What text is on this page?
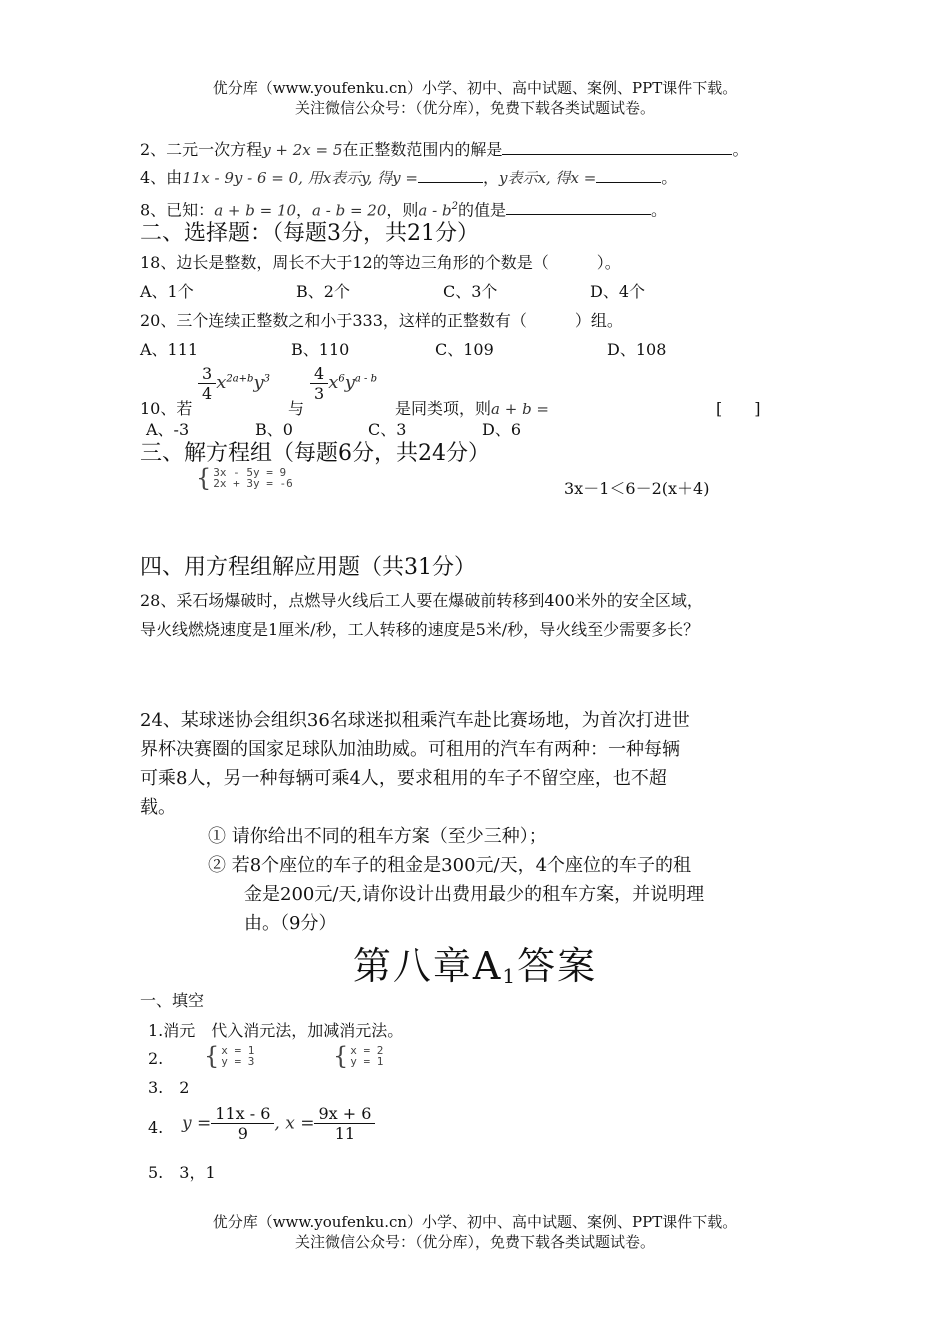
优分库（www.youfenku.cn）小学、初中、高中试题、案例、PPT课件下载。
关注微信公众号：（优分库），免费下载各类试题试卷。
2、二元一次方程y + 2x = 5在正整数范围内的解是	。
4、由11x - 9y - 6 = 0, 用x表示y, 得y =	，y表示x, 得x =	。
8、已知：a + b = 10，a - b = 20，则a - $b^2$的值是	。
二、选择题：（每题3分，共21分）
18、边长是整数，周长不大于12的等边三角形的个数是（　　　）。
A、1个	B、2个	C、3个	D、4个
20、三个连续正整数之和小于333，这样的正整数有（　　　）组。
A、111	B、110	C、109	D、108
10、若
$\frac{3}{4} x^{2a+b}y^3$
与
$\frac{4}{3} x^6y^{a - b}$
是同类项，则a + b =	[　　]
A、-3	B、0	C、3	D、6
三、解方程组（每题6分，共24分）
{ 3x - 5y = 9
2x + 3y = -6	3x－1＜6－2(x＋4)
四、用方程组解应用题（共31分）
28、采石场爆破时，点燃导火线后工人要在爆破前转移到400米外的安全区域，
导火线燃烧速度是1厘米/秒，工人转移的速度是5米/秒，导火线至少需要多长？
24、某球迷协会组织36名球迷拟租乘汽车赴比赛场地，为首次打进世
界杯决赛圈的国家足球队加油助威。可租用的汽车有两种：一种每辆
可乘8人，另一种每辆可乘4人，要求租用的车子不留空座，也不超
载。
① 请你给出不同的租车方案（至少三种）；
② 若8个座位的车子的租金是300元/天，4个座位的车子的租
金是200元/天,请你设计出费用最少的租车方案，并说明理
由。（9分）
第八章A1答案
一、填空
1.消元　代入消元法，加减消元法。
2. { x = 1
y = 3	{ x = 2
y = 1
3.　2
4. $y = \frac{11x - 6}{9}$ , $x = \frac{9x + 6}{11}$
5.　3，1
优分库（www.youfenku.cn）小学、初中、高中试题、案例、PPT课件下载。
关注微信公众号：（优分库），免费下载各类试题试卷。
